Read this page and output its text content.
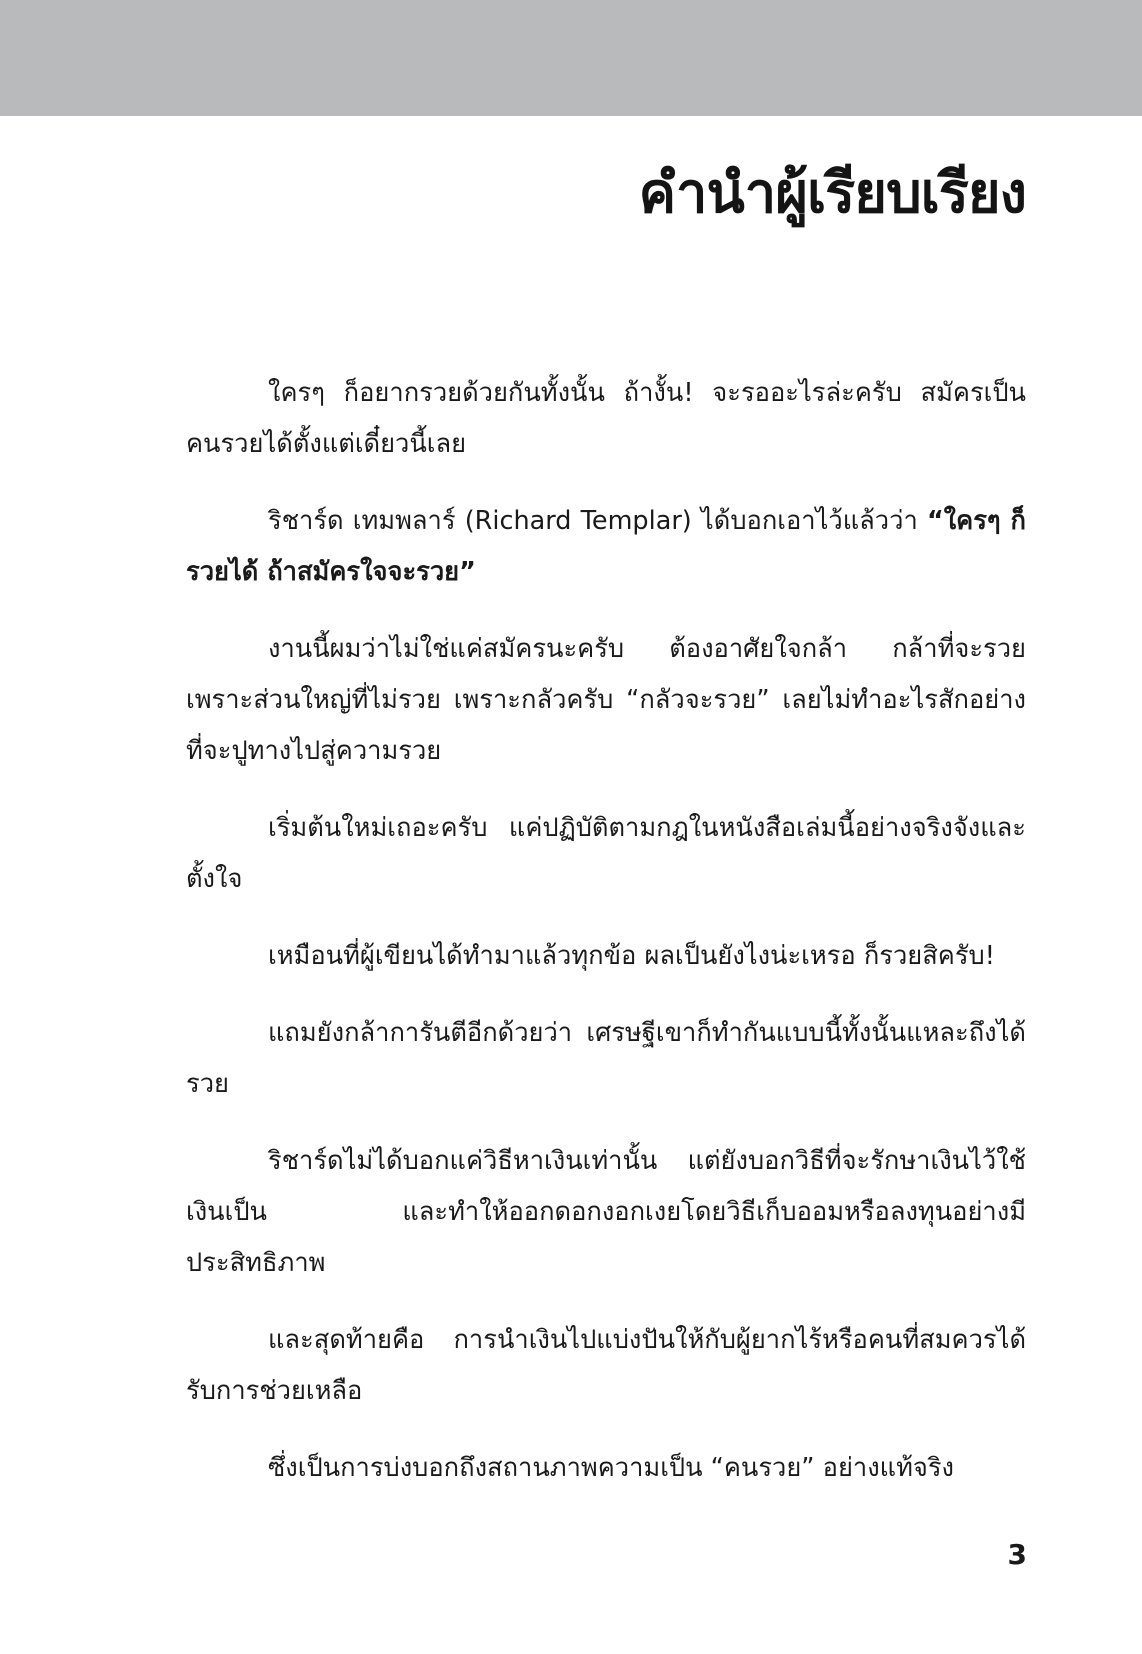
คำนำผู้เรียบเรียง

ใครๆ ก็อยากรวยด้วยกันทั้งนั้น ถ้างั้น! จะรออะไรล่ะครับ สมัครเป็นคนรวยได้ตั้งแต่เดี๋ยวนี้เลย

ริชาร์ด เทมพลาร์ (Richard Templar) ได้บอกเอาไว้แล้วว่า “ใครๆ ก็รวยได้ ถ้าสมัครใจจะรวย”

งานนี้ผมว่าไม่ใช่แค่สมัครนะครับ ต้องอาศัยใจกล้า กล้าที่จะรวย เพราะส่วนใหญ่ที่ไม่รวย เพราะกลัวครับ “กลัวจะรวย” เลยไม่ทำอะไรสักอย่างที่จะปูทางไปสู่ความรวย

เริ่มต้นใหม่เถอะครับ แค่ปฏิบัติตามกฎในหนังสือเล่มนี้อย่างจริงจังและตั้งใจ

เหมือนที่ผู้เขียนได้ทำมาแล้วทุกข้อ ผลเป็นยังไงน่ะเหรอ ก็รวยสิครับ!

แถมยังกล้าการันตีอีกด้วยว่า เศรษฐีเขาก็ทำกันแบบนี้ทั้งนั้นแหละถึงได้รวย

ริชาร์ดไม่ได้บอกแค่วิธีหาเงินเท่านั้น แต่ยังบอกวิธีที่จะรักษาเงินไว้ใช้เงินเป็น และทำให้ออกดอกงอกเงยโดยวิธีเก็บออมหรือลงทุนอย่างมีประสิทธิภาพ

และสุดท้ายคือ การนำเงินไปแบ่งปันให้กับผู้ยากไร้หรือคนที่สมควรได้รับการช่วยเหลือ

ซึ่งเป็นการบ่งบอกถึงสถานภาพความเป็น “คนรวย” อย่างแท้จริง

3
